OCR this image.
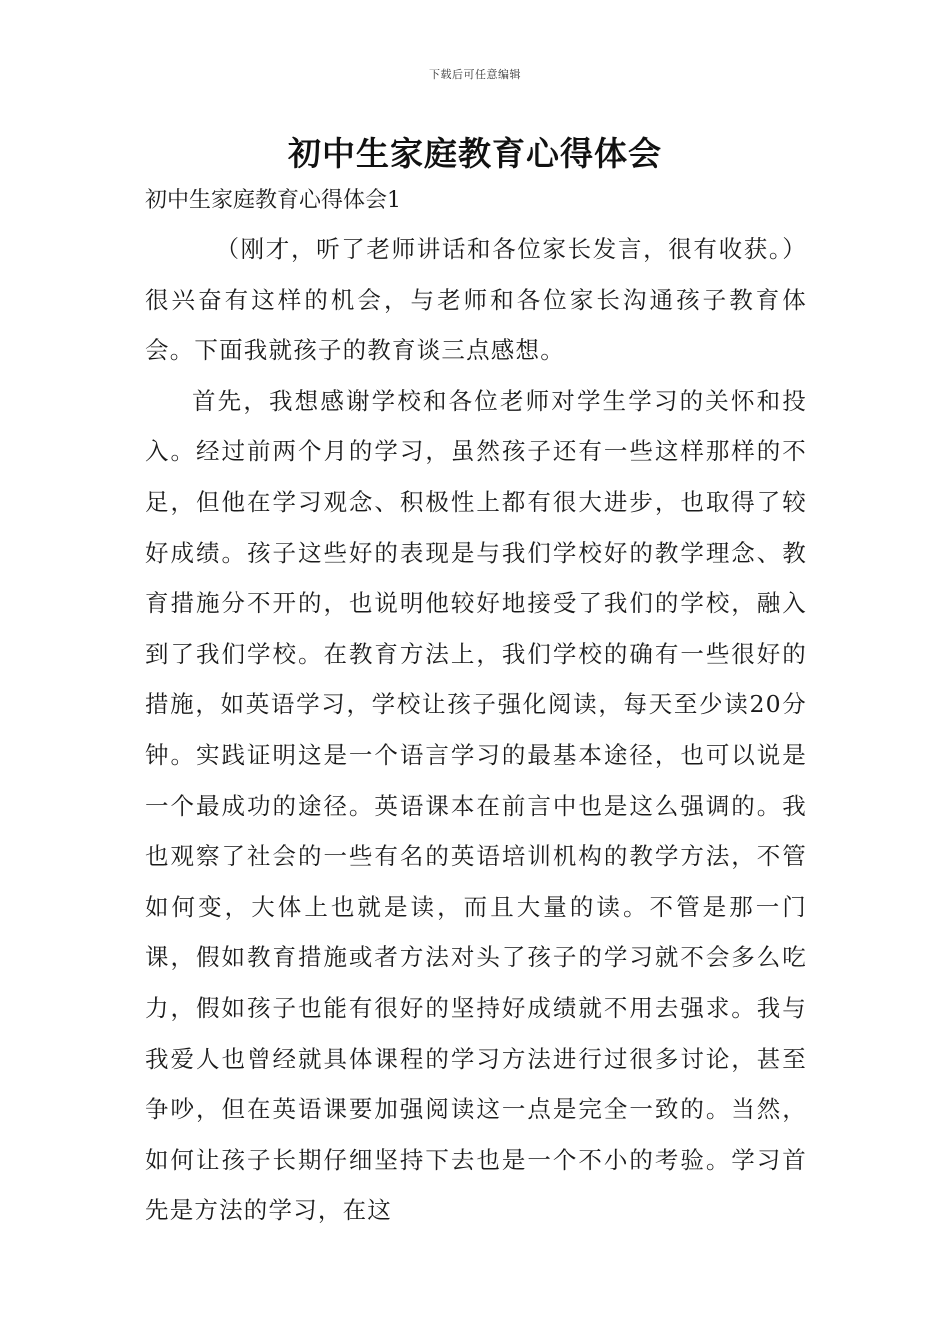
下载后可任意编辑
初中生家庭教育心得体会
初中生家庭教育心得体会1

（刚才，听了老师讲话和各位家长发言，很有收获。）很兴奋有这样的机会，与老师和各位家长沟通孩子教育体会。下面我就孩子的教育谈三点感想。

首先，我想感谢学校和各位老师对学生学习的关怀和投入。经过前两个月的学习，虽然孩子还有一些这样那样的不足，但他在学习观念、积极性上都有很大进步，也取得了较好成绩。孩子这些好的表现是与我们学校好的教学理念、教育措施分不开的，也说明他较好地接受了我们的学校，融入到了我们学校。在教育方法上，我们学校的确有一些很好的措施，如英语学习，学校让孩子强化阅读，每天至少读20分钟。实践证明这是一个语言学习的最基本途径，也可以说是一个最成功的途径。英语课本在前言中也是这么强调的。我也观察了社会的一些有名的英语培训机构的教学方法，不管如何变，大体上也就是读，而且大量的读。不管是那一门课，假如教育措施或者方法对头了孩子的学习就不会多么吃力，假如孩子也能有很好的坚持好成绩就不用去强求。我与我爱人也曾经就具体课程的学习方法进行过很多讨论，甚至争吵，但在英语课要加强阅读这一点是完全一致的。当然，如何让孩子长期仔细坚持下去也是一个不小的考验。学习首先是方法的学习，在这
